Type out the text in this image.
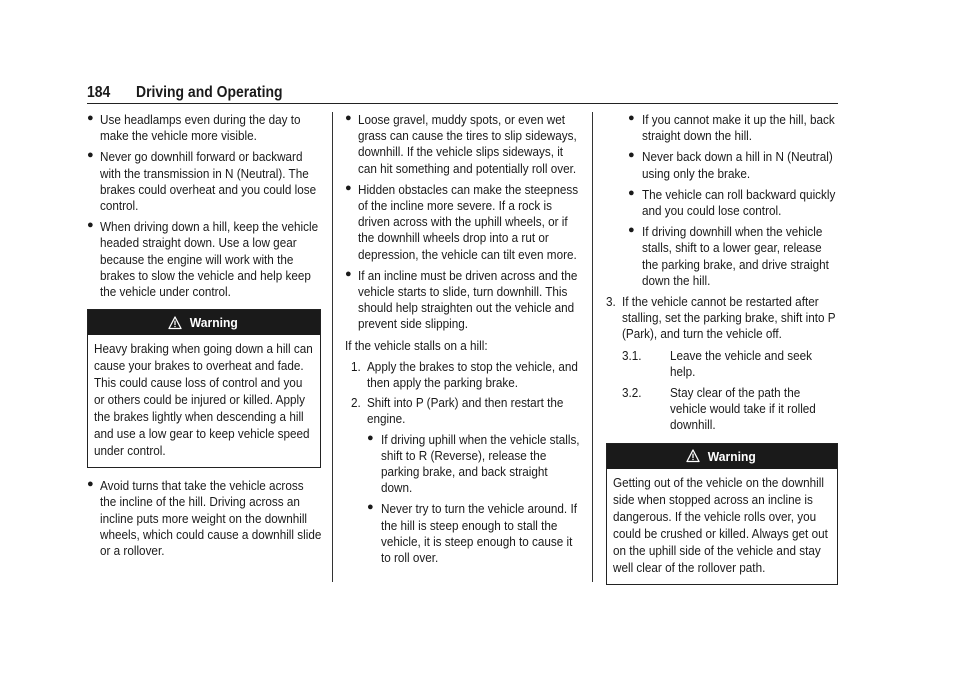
184 Driving and Operating
● Use headlamps even during the day to make the vehicle more visible.

● Never go downhill forward or backward with the transmission in N (Neutral). The brakes could overheat and you could lose control.

● When driving down a hill, keep the vehicle headed straight down. Use a low gear because the engine will work with the brakes to slow the vehicle and help keep the vehicle under control.

Warning

Heavy braking when going down a hill can cause your brakes to overheat and fade. This could cause loss of control and you or others could be injured or killed. Apply the brakes lightly when descending a hill and use a low gear to keep vehicle speed under control.

● Avoid turns that take the vehicle across the incline of the hill. Driving across an incline puts more weight on the downhill wheels, which could cause a downhill slide or a rollover.

● Loose gravel, muddy spots, or even wet grass can cause the tires to slip sideways, downhill. If the vehicle slips sideways, it can hit something and potentially roll over.

● Hidden obstacles can make the steepness of the incline more severe. If a rock is driven across with the uphill wheels, or if the downhill wheels drop into a rut or depression, the vehicle can tilt even more.

● If an incline must be driven across and the vehicle starts to slide, turn downhill. This should help straighten out the vehicle and prevent side slipping.

If the vehicle stalls on a hill:

1. Apply the brakes to stop the vehicle, and then apply the parking brake.

2. Shift into P (Park) and then restart the engine.

● If driving uphill when the vehicle stalls, shift to R (Reverse), release the parking brake, and back straight down.

● Never try to turn the vehicle around. If the hill is steep enough to stall the vehicle, it is steep enough to cause it to roll over.

● If you cannot make it up the hill, back straight down the hill.

● Never back down a hill in N (Neutral) using only the brake.

● The vehicle can roll backward quickly and you could lose control.

● If driving downhill when the vehicle stalls, shift to a lower gear, release the parking brake, and drive straight down the hill.

3. If the vehicle cannot be restarted after stalling, set the parking brake, shift into P (Park), and turn the vehicle off.

3.1. Leave the vehicle and seek help.

3.2. Stay clear of the path the vehicle would take if it rolled downhill.

Warning

Getting out of the vehicle on the downhill side when stopped across an incline is dangerous. If the vehicle rolls over, you could be crushed or killed. Always get out on the uphill side of the vehicle and stay well clear of the rollover path.
